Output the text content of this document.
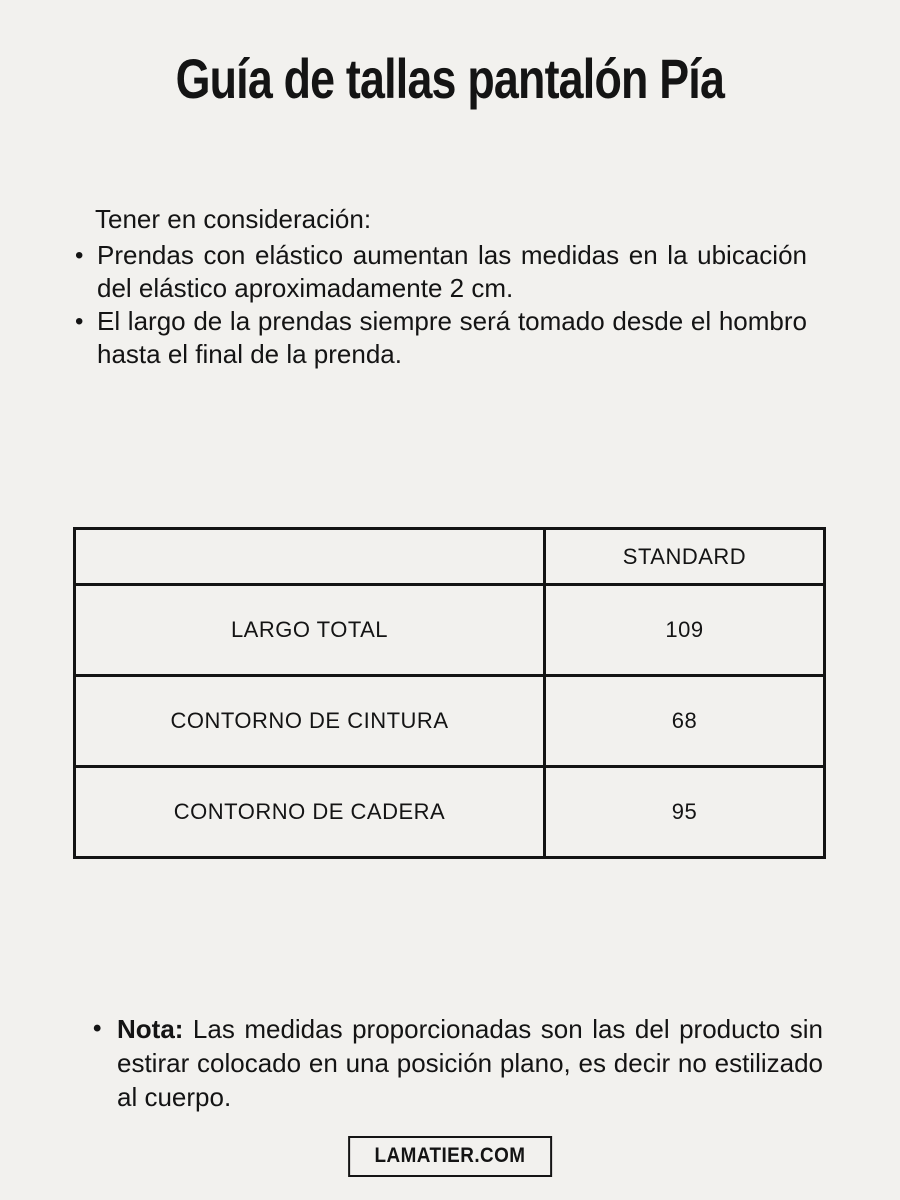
Guía de tallas pantalón Pía

Tener en consideración:

• Prendas con elástico aumentan las medidas en la ubicación del elástico aproximadamente 2 cm.

• El largo de la prendas siempre será tomado desde el hombro hasta el final de la prenda.

	STANDARD
LARGO TOTAL	109
CONTORNO DE CINTURA	68
CONTORNO DE CADERA	95
• Nota: Las medidas proporcionadas son las del producto sin estirar colocado en una posición plano, es decir no estilizado al cuerpo.

LAMATIER.COM
